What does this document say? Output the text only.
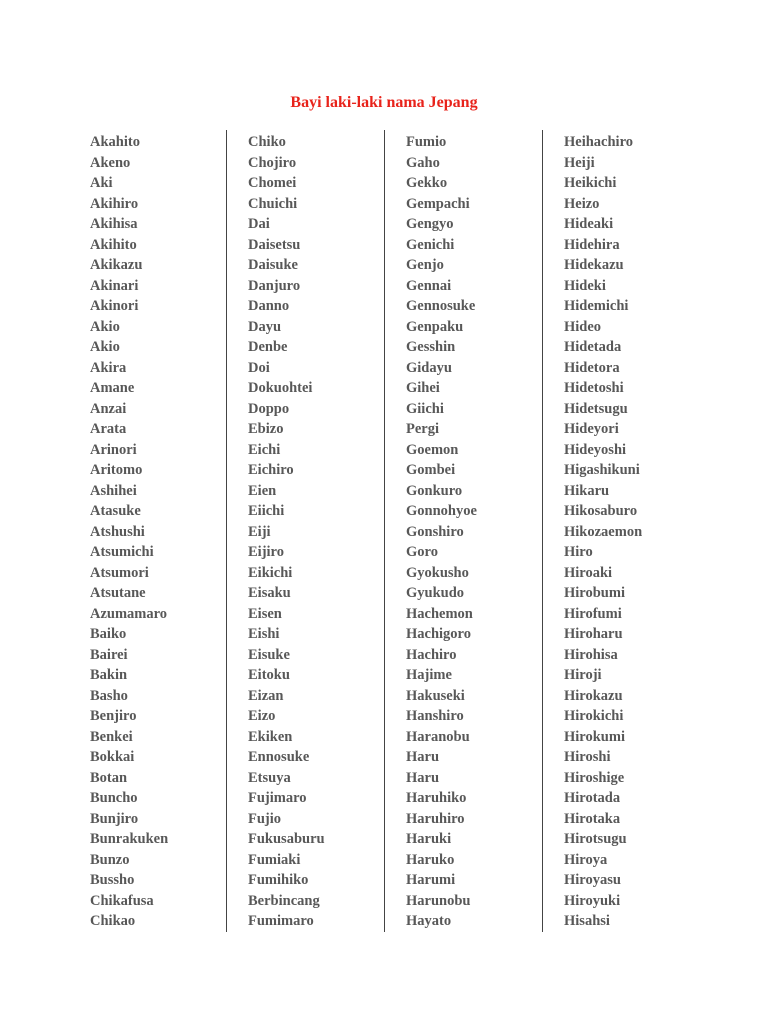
Bayi laki-laki nama Jepang
Akahito
Akeno
Aki
Akihiro
Akihisa
Akihito
Akikazu
Akinari
Akinori
Akio
Akio
Akira
Amane
Anzai
Arata
Arinori
Aritomo
Ashihei
Atasuke
Atshushi
Atsumichi
Atsumori
Atsutane
Azumamaro
Baiko
Bairei
Bakin
Basho
Benjiro
Benkei
Bokkai
Botan
Buncho
Bunjiro
Bunrakuken
Bunzo
Bussho
Chikafusa
Chikao
Chiko
Chojiro
Chomei
Chuichi
Dai
Daisetsu
Daisuke
Danjuro
Danno
Dayu
Denbe
Doi
Dokuohtei
Doppo
Ebizo
Eichi
Eichiro
Eien
Eiichi
Eiji
Eijiro
Eikichi
Eisaku
Eisen
Eishi
Eisuke
Eitoku
Eizan
Eizo
Ekiken
Ennosuke
Etsuya
Fujimaro
Fujio
Fukusaburu
Fumiaki
Fumihiko
Berbincang
Fumimaro
Fumio
Gaho
Gekko
Gempachi
Gengyo
Genichi
Genjo
Gennai
Gennosuke
Genpaku
Gesshin
Gidayu
Gihei
Giichi
Pergi
Goemon
Gombei
Gonkuro
Gonnohyoe
Gonshiro
Goro
Gyokusho
Gyukudo
Hachemon
Hachigoro
Hachiro
Hajime
Hakuseki
Hanshiro
Haranobu
Haru
Haru
Haruhiko
Haruhiro
Haruki
Haruko
Harumi
Harunobu
Hayato
Heihachiro
Heiji
Heikichi
Heizo
Hideaki
Hidehira
Hidekazu
Hideki
Hidemichi
Hideo
Hidetada
Hidetora
Hidetoshi
Hidetsugu
Hideyori
Hideyoshi
Higashikuni
Hikaru
Hikosaburo
Hikozaemon
Hiro
Hiroaki
Hirobumi
Hirofumi
Hiroharu
Hirohisa
Hiroji
Hirokazu
Hirokichi
Hirokumi
Hiroshi
Hiroshige
Hirotada
Hirotaka
Hirotsugu
Hiroya
Hiroyasu
Hiroyuki
Hisahsi
